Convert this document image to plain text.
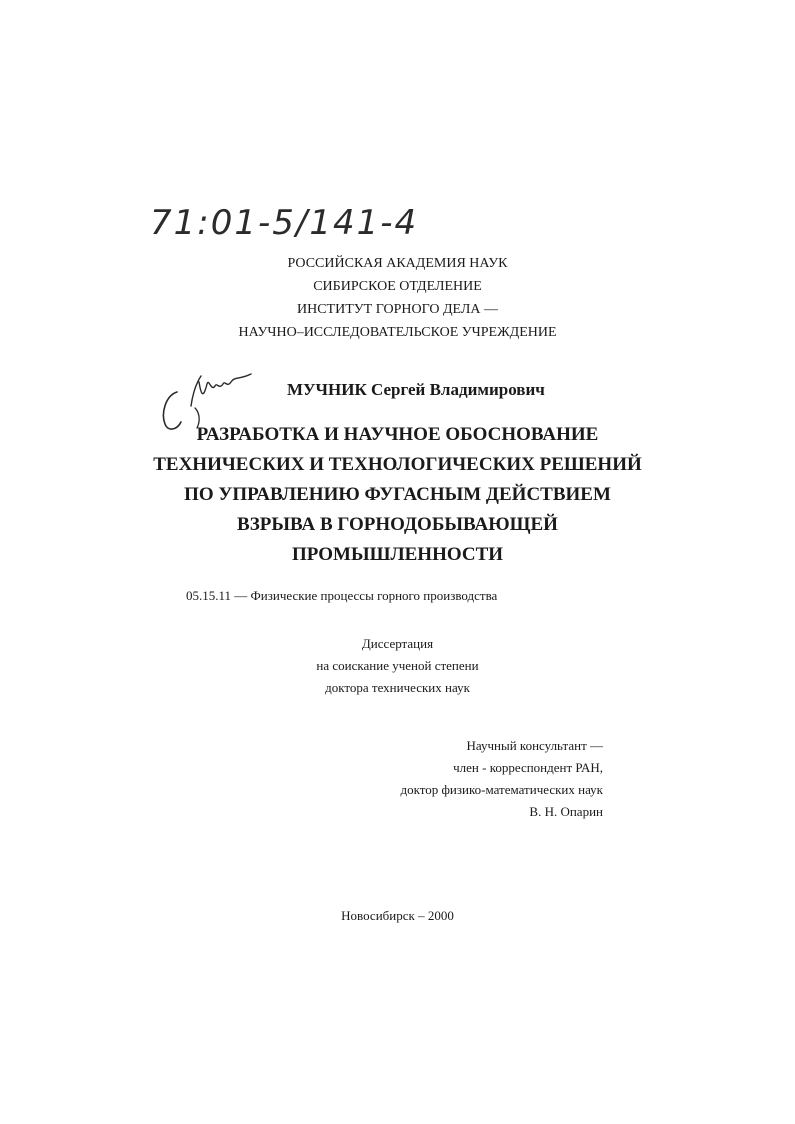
71:01-5/141-4
РОССИЙСКАЯ АКАДЕМИЯ НАУК
СИБИРСКОЕ ОТДЕЛЕНИЕ
ИНСТИТУТ ГОРНОГО ДЕЛА —
НАУЧНО–ИССЛЕДОВАТЕЛЬСКОЕ УЧРЕЖДЕНИЕ
МУЧНИК Сергей Владимирович
РАЗРАБОТКА И НАУЧНОЕ ОБОСНОВАНИЕ
ТЕХНИЧЕСКИХ И ТЕХНОЛОГИЧЕСКИХ РЕШЕНИЙ
ПО УПРАВЛЕНИЮ ФУГАСНЫМ ДЕЙСТВИЕМ
ВЗРЫВА В ГОРНОДОБЫВАЮЩЕЙ
ПРОМЫШЛЕННОСТИ
05.15.11 — Физические процессы горного производства
Диссертация
на соискание ученой степени
доктора технических наук
Научный консультант —
член - корреспондент РАН,
доктор физико-математических наук
В. Н. Опарин
Новосибирск – 2000
